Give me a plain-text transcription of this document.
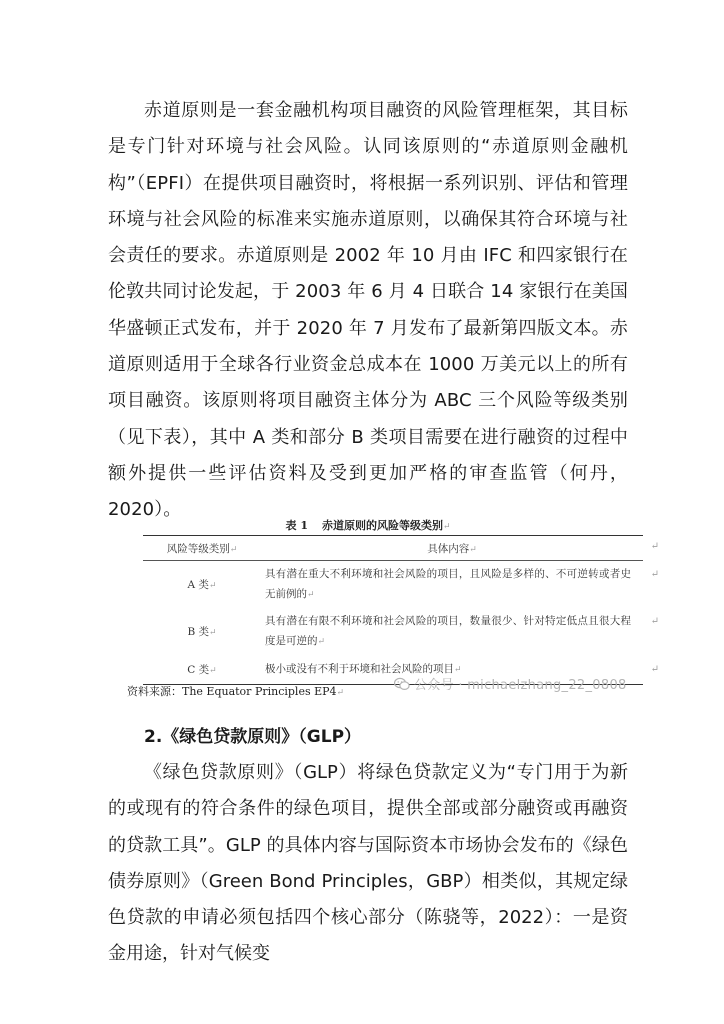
赤道原则是一套金融机构项目融资的风险管理框架，其目标是专门针对环境与社会风险。认同该原则的“赤道原则金融机构”（EPFI）在提供项目融资时，将根据一系列识别、评估和管理环境与社会风险的标准来实施赤道原则，以确保其符合环境与社会责任的要求。赤道原则是 2002 年 10 月由 IFC 和四家银行在伦敦共同讨论发起，于 2003 年 6 月 4 日联合 14 家银行在美国华盛顿正式发布，并于 2020 年 7 月发布了最新第四版文本。赤道原则适用于全球各行业资金总成本在 1000 万美元以上的所有项目融资。该原则将项目融资主体分为 ABC 三个风险等级类别（见下表），其中 A 类和部分 B 类项目需要在进行融资的过程中额外提供一些评估资料及受到更加严格的审查监管（何丹，2020）。

表 1 赤道原则的风险等级类别↵

风险等级类别↵	具体内容↵ ↵

A 类↵	具有潜在重大不利环境和社会风险的项目，且风险是多样的、不可逆转或者史无前例的↵
↵

B 类↵	具有潜在有限不利环境和社会风险的项目，数量很少、针对特定低点且很大程度是可逆的↵
↵

C 类↵	极小或没有不利于环境和社会风险的项目↵ ↵

资料来源：The Equator Principles EP4↵	公众号 · michaelzhang_22_0808
2.《绿色贷款原则》（GLP）

《绿色贷款原则》（GLP）将绿色贷款定义为“专门用于为新的或现有的符合条件的绿色项目，提供全部或部分融资或再融资的贷款工具”。GLP 的具体内容与国际资本市场协会发布的《绿色债券原则》（Green Bond Principles，GBP）相类似，其规定绿色贷款的申请必须包括四个核心部分（陈骁等，2022）：一是资金用途，针对气候变
